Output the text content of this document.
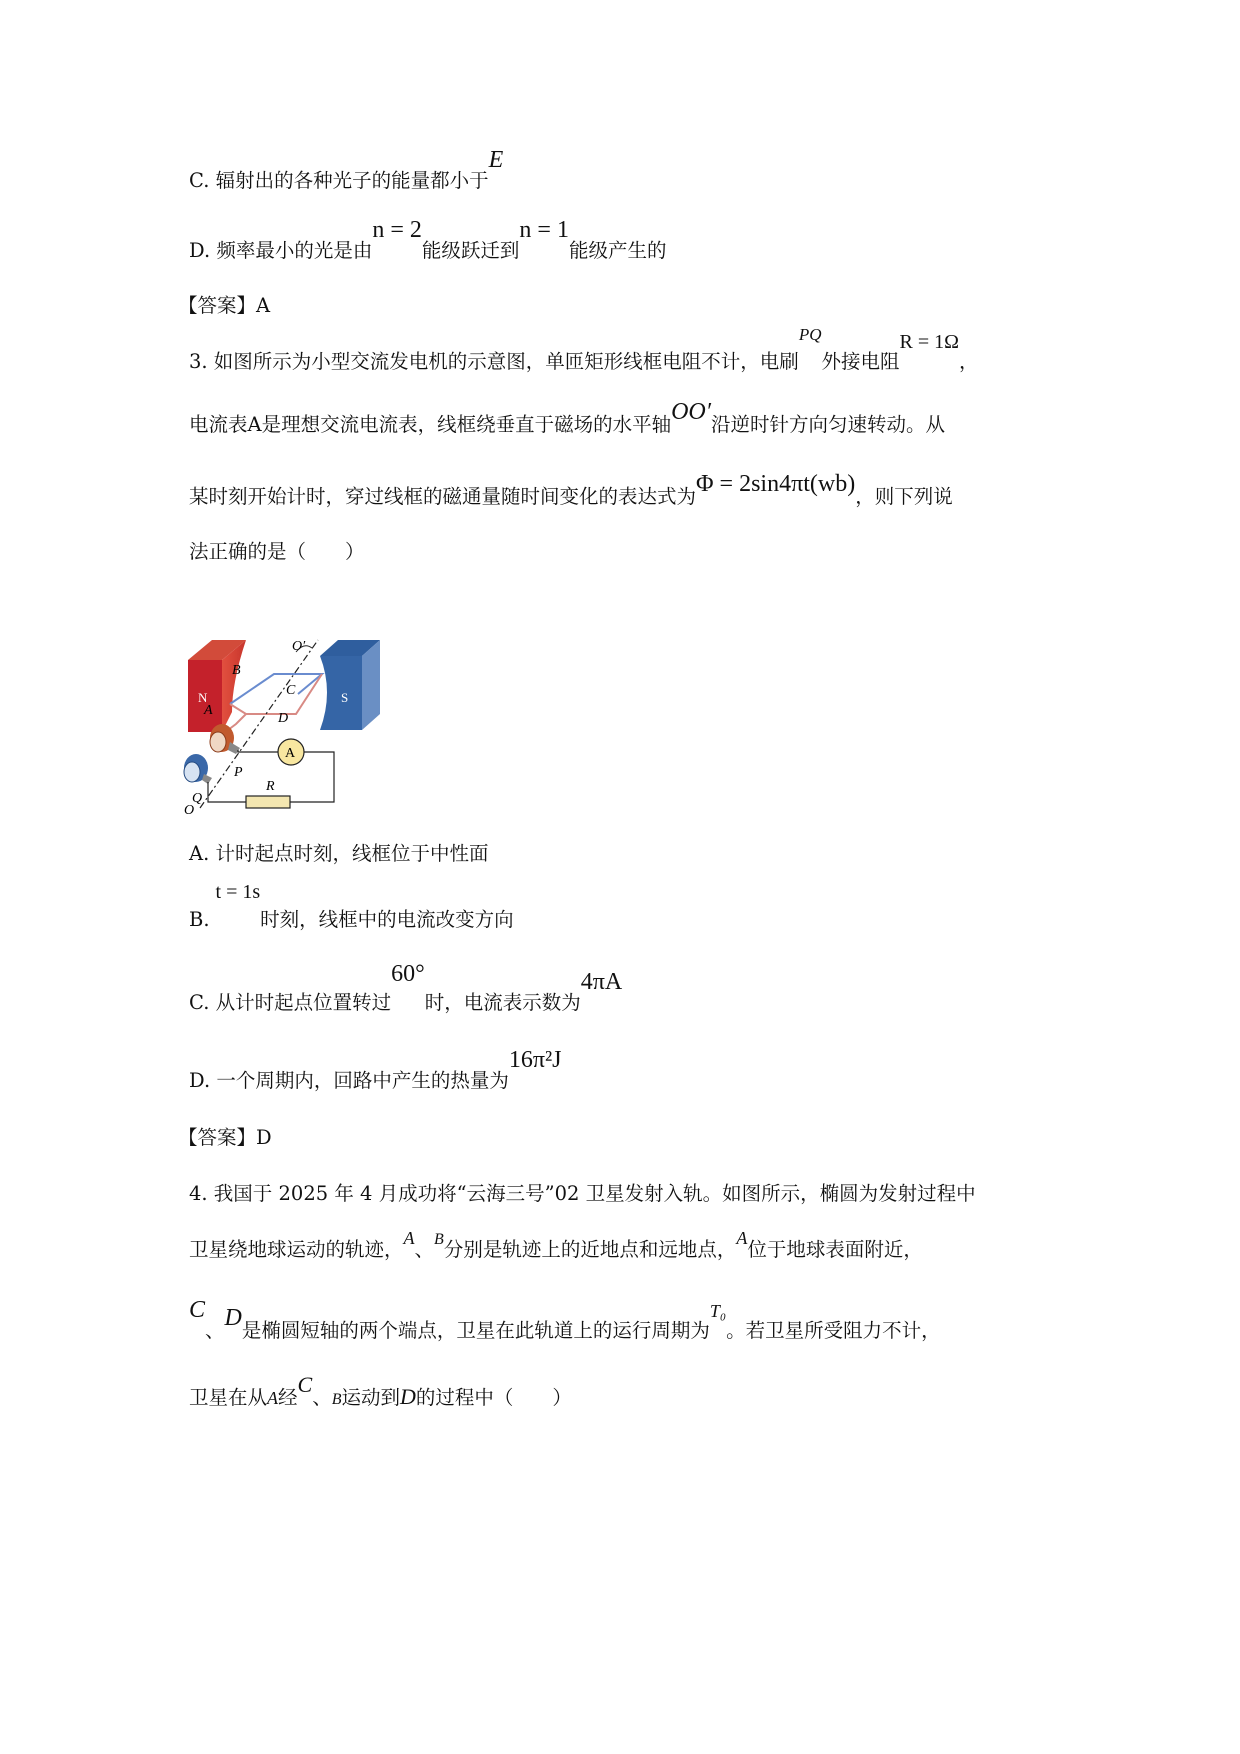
C. 辐射出的各种光子的能量都小于E
D. 频率最小的光是由n = 2能级跃迁到n = 1能级产生的
【答案】A
3. 如图所示为小型交流发电机的示意图，单匝矩形线框电阻不计，电刷PQ外接电阻R = 1Ω，
电流表A是理想交流电流表，线框绕垂直于磁场的水平轴OO′沿逆时针方向匀速转动。从
某时刻开始计时，穿过线框的磁通量随时间变化的表达式为Φ = 2sin4πt(wb)，则下列说
法正确的是（　　）
N	S
O′
B
A
C
D
A
R
P
Q
O
A. 计时起点时刻，线框位于中性面
B.t = 1s时刻，线框中的电流改变方向
C. 从计时起点位置转过60°时，电流表示数为4πA
D. 一个周期内，回路中产生的热量为16π²J
【答案】D
4. 我国于 2025 年 4 月成功将“云海三号”02 卫星发射入轨。如图所示，椭圆为发射过程中
卫星绕地球运动的轨迹，A、$^B$分别是轨迹上的近地点和远地点，A位于地球表面附近，
C、D是椭圆短轴的两个端点，卫星在此轨道上的运行周期为T₀。若卫星所受阻力不计，
卫星在从A经C、B运动到D的过程中（　　）
